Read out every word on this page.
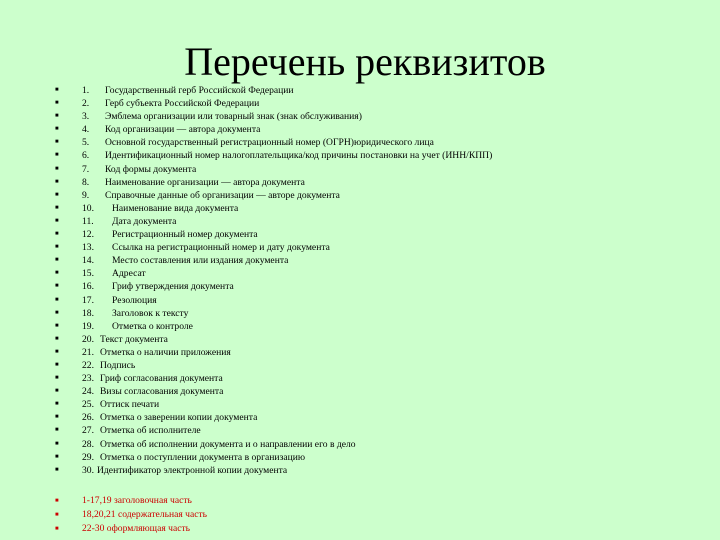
Перечень реквизитов
■	1. Государственный герб Российской Федерации
■	2. Герб субъекта Российской Федерации
■	3. Эмблема организации или товарный знак (знак обслуживания)
■	4. Код организации — автора документа
■	5. Основной государственный регистрационный номер (ОГРН)юридического лица
■	6. Идентификационный номер налогоплательщика/код причины постановки на учет (ИНН/КПП)
■	7. Код формы документа
■	8. Наименование организации — автора документа
■	9. Справочные данные об организации — авторе документа
■	10. Наименование вида документа
■	11. Дата документа
■	12. Регистрационный номер документа
■	13. Ссылка на регистрационный номер и дату документа
■	14. Место составления или издания документа
■	15. Адресат
■	16. Гриф утверждения документа
■	17. Резолюция
■	18. Заголовок к тексту
■	19. Отметка о контроле
■	20. Текст документа
■	21. Отметка о наличии приложения
■	22. Подпись
■	23. Гриф согласования документа
■	24. Визы согласования документа
■	25. Оттиск печати
■	26. Отметка о заверении копии документа
■	27. Отметка об исполнителе
■	28. Отметка об исполнении документа и о направлении его в дело
■	29. Отметка о поступлении документа в организацию
■	30. Идентификатор электронной копии документа
■ 1-17,19 заголовочная часть
■ 18,20,21 содержательная часть
■ 22-30 оформляющая часть
